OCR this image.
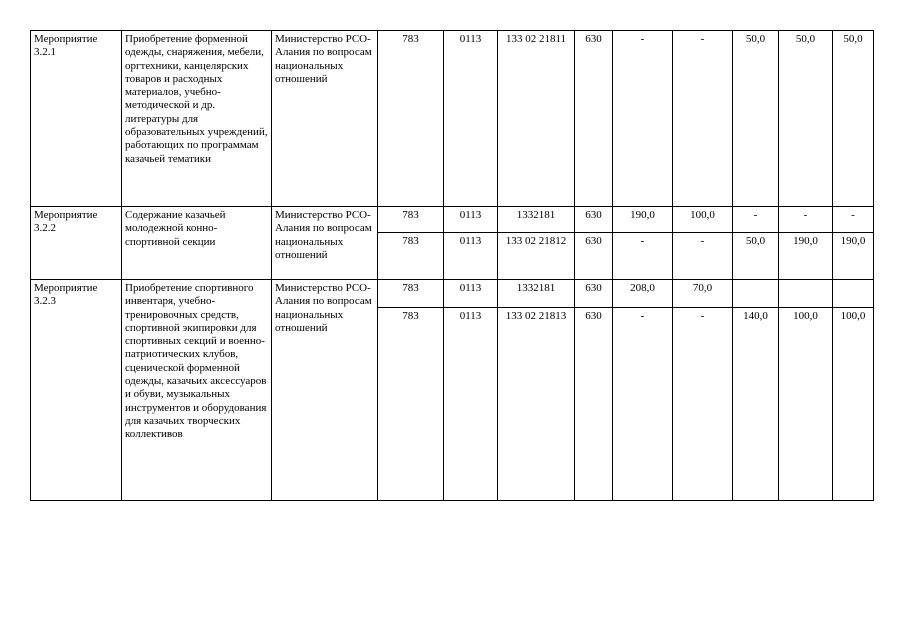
Мероприятие 3.2.1	Приобретение форменной одежды, снаряжения, мебели, оргтехники, канцелярских товаров и расходных материалов, учебно-методической и др. литературы для образовательных учреждений, работающих по программам казачьей тематики	Министерство РСО-Алания по вопросам национальных отношений	783	0113	133 02 21811	630	-	-	50,0	50,0	50,0
Мероприятие 3.2.2	Содержание казачьей молодежной конно-спортивной секции	Министерство РСО-Алания по вопросам национальных отношений	783	0113	1332181	630	190,0	100,0	-	-	-
			783	0113	133 02 21812	630	-	-	50,0	190,0	190,0
Мероприятие 3.2.3	Приобретение спортивного инвентаря, учебно-тренировочных средств, спортивной экипировки для спортивных секций и военно-патриотических клубов, сценической форменной одежды, казачьих аксессуаров и обуви, музыкальных инструментов и оборудования для казачьих творческих коллективов	Министерство РСО-Алания по вопросам национальных отношений	783	0113	1332181	630	208,0	70,0			
			783	0113	133 02 21813	630	-	-	140,0	100,0	100,0
